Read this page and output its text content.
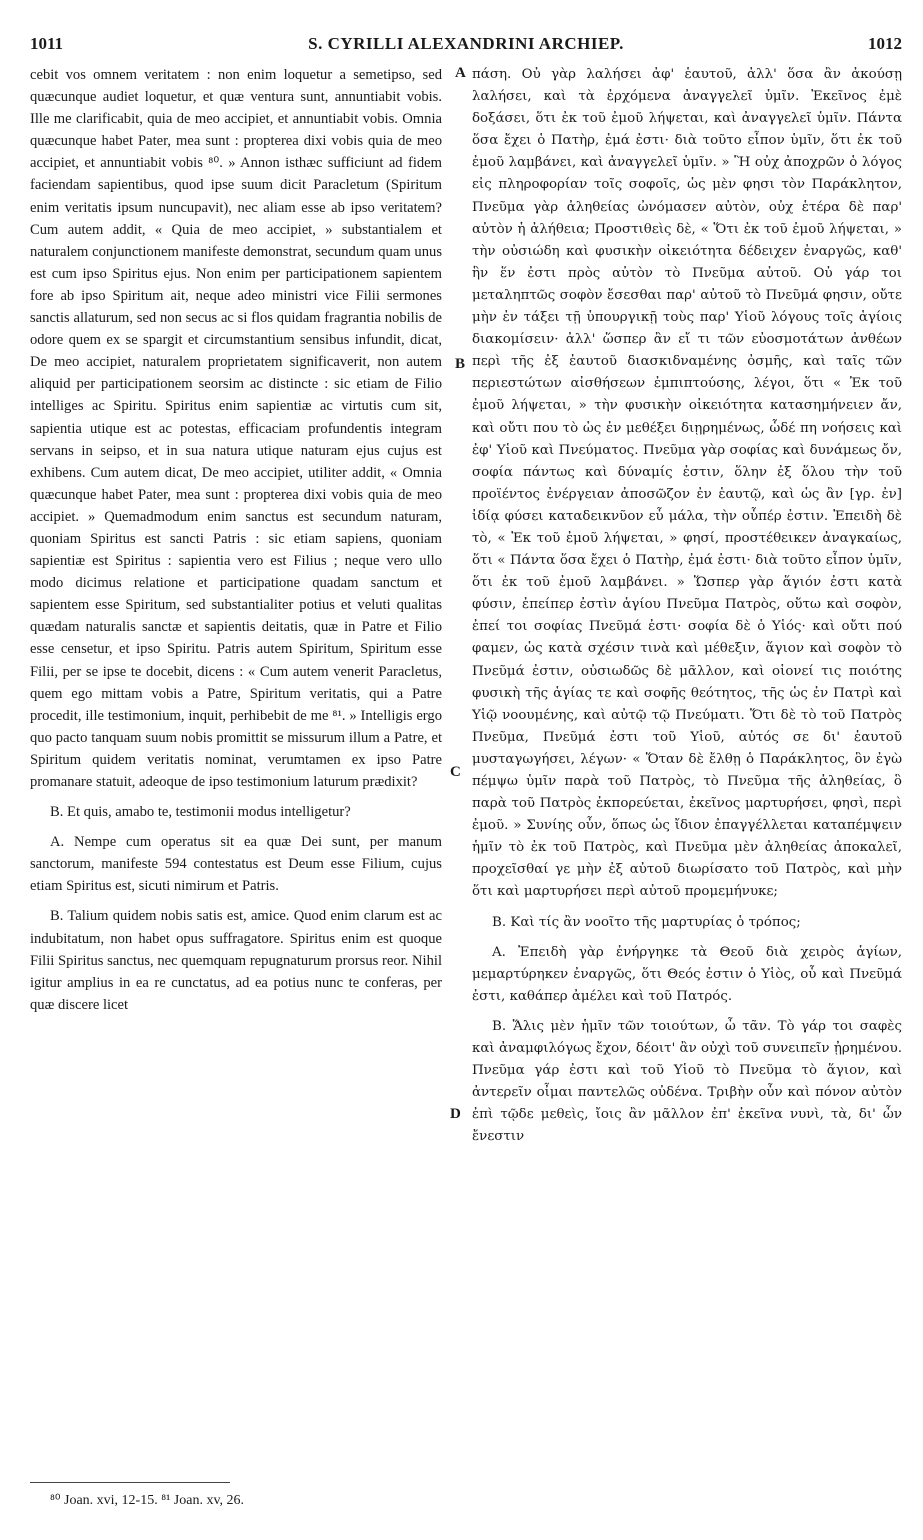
1011	S. CYRILLI ALEXANDRINI ARCHIEP.	1012

cebit vos omnem veritatem : non enim loquetur a semetipso, sed quæcunque audiet loquetur, et quæ ventura sunt, annuntiabit vobis. Ille me clarificabit, quia de meo accipiet, et annuntiabit vobis. Omnia quæcunque habet Pater, mea sunt : propterea dixi vobis quia de meo accipiet, et annuntiabit vobis ⁸⁰. » Annon isthæc sufficiunt ad fidem faciendam sapientibus, quod ipse suum dicit Paracletum (Spiritum enim veritatis ipsum nuncupavit), nec aliam esse ab ipso veritatem? Cum autem addit, « Quia de meo accipiet, » substantialem et naturalem conjunctionem manifeste demonstrat, secundum quam unus est cum ipso Spiritus ejus. Non enim per participationem sapientem fore ab ipso Spiritum ait, neque adeo ministri vice Filii sermones sanctis allaturum, sed non secus ac si flos quidam fragrantia nobilis de odore quem ex se spargit et circumstantium sensibus infundit, dicat, De meo accipiet, naturalem proprietatem significaverit, non autem aliquid per participationem seorsim ac distincte : sic etiam de Filio intelliges ac Spiritu. Spiritus enim sapientiæ ac virtutis cum sit, sapientia utique est ac potestas, efficaciam profundentis integram servans in seipso, et in sua natura utique naturam ejus cujus est exhibens. Cum autem dicat, De meo accipiet, utiliter addit, « Omnia quæcunque habet Pater, mea sunt : propterea dixi vobis quia de meo accipiet. » Quemadmodum enim sanctus est secundum naturam, quoniam Spiritus est sancti Patris : sic etiam sapiens, quoniam sapientiæ est Spiritus : sapientia vero est Filius ; neque vero ullo modo dicimus relatione et participatione quadam sanctum et sapientem esse Spiritum, sed substantialiter potius et veluti qualitas quædam naturalis sanctæ et sapientis deitatis, quæ in Patre et Filio esse censetur, et ipso Spiritu. Patris autem Spiritum, Spiritum esse Filii, per se ipse te docebit, dicens : « Cum autem venerit Paracletus, quem ego mittam vobis a Patre, Spiritum veritatis, qui a Patre procedit, ille testimonium, inquit, perhibebit de me ⁸¹. » Intelligis ergo quo pacto tanquam suum nobis promittit se missurum illum a Patre, et Spiritum quidem veritatis nominat, verumtamen ex ipso Patre promanare statuit, adeoque de ipso testimonium laturum prædixit?

B. Et quis, amabo te, testimonii modus intelligetur?

A. Nempe cum operatus sit ea quæ Dei sunt, per manum sanctorum, manifeste 594 contestatus est Deum esse Filium, cujus etiam Spiritus est, sicuti nimirum et Patris.

B. Talium quidem nobis satis est, amice. Quod enim clarum est ac indubitatum, non habet opus suffragatore. Spiritus enim est quoque Filii Spiritus sanctus, nec quemquam repugnaturum prorsus reor. Nihil igitur amplius in ea re cunctatus, ad ea potius nunc te conferas, per quæ discere licet

A
B
C
D

πάση. Οὐ γὰρ λαλήσει ἀφ' ἑαυτοῦ, ἀλλ' ὅσα ἂν ἀκούσῃ λαλήσει, καὶ τὰ ἐρχόμενα ἀναγγελεῖ ὑμῖν. Ἐκεῖνος ἐμὲ δοξάσει, ὅτι ἐκ τοῦ ἐμοῦ λήψεται, καὶ ἀναγγελεῖ ὑμῖν. Πάντα ὅσα ἔχει ὁ Πατὴρ, ἐμά ἐστι· διὰ τοῦτο εἶπον ὑμῖν, ὅτι ἐκ τοῦ ἐμοῦ λαμβάνει, καὶ ἀναγγελεῖ ὑμῖν. » Ἢ οὐχ ἀποχρῶν ὁ λόγος εἰς πληροφορίαν τοῖς σοφοῖς, ὡς μὲν φησι τὸν Παράκλητον, Πνεῦμα γὰρ ἀληθείας ὠνόμασεν αὐτὸν, οὐχ ἑτέρα δὲ παρ' αὐτὸν ἡ ἀλήθεια; Προστιθεὶς δὲ, « Ὅτι ἐκ τοῦ ἐμοῦ λήψεται, » τὴν οὐσιώδη καὶ φυσικὴν οἰκειότητα δέδειχεν ἐναργῶς, καθ' ἣν ἕν ἐστι πρὸς αὐτὸν τὸ Πνεῦμα αὐτοῦ. Οὐ γάρ τοι μεταληπτῶς σοφὸν ἔσεσθαι παρ' αὐτοῦ τὸ Πνεῦμά φησιν, οὔτε μὴν ἐν τάξει τῇ ὑπουργικῇ τοὺς παρ' Υἱοῦ λόγους τοῖς ἁγίοις διακομίσειν· ἀλλ' ὥσπερ ἂν εἴ τι τῶν εὐοσμοτάτων ἀνθέων περὶ τῆς ἐξ ἑαυτοῦ διασκιδναμένης ὀσμῆς, καὶ ταῖς τῶν περιεστώτων αἰσθήσεων ἐμπιπτούσης, λέγοι, ὅτι « Ἐκ τοῦ ἐμοῦ λήψεται, » τὴν φυσικὴν οἰκειότητα κατασημήνειεν ἄν, καὶ οὔτι που τὸ ὡς ἐν μεθέξει διῃρημένως, ὧδέ πη νοήσεις καὶ ἐφ' Υἱοῦ καὶ Πνεύματος. Πνεῦμα γὰρ σοφίας καὶ δυνάμεως ὄν, σοφία πάντως καὶ δύναμίς ἐστιν, ὅλην ἐξ ὅλου τὴν τοῦ προϊέντος ἐνέργειαν ἀποσῶζον ἐν ἑαυτῷ, καὶ ὡς ἂν [γρ. ἐν] ἰδίᾳ φύσει καταδεικνῦον εὖ μάλα, τὴν οὗπέρ ἐστιν. Ἐπειδὴ δὲ τὸ, « Ἐκ τοῦ ἐμοῦ λήψεται, » φησί, προστέθεικεν ἀναγκαίως, ὅτι « Πάντα ὅσα ἔχει ὁ Πατὴρ, ἐμά ἐστι· διὰ τοῦτο εἶπον ὑμῖν, ὅτι ἐκ τοῦ ἐμοῦ λαμβάνει. » Ὥσπερ γὰρ ἅγιόν ἐστι κατὰ φύσιν, ἐπείπερ ἐστὶν ἁγίου Πνεῦμα Πατρὸς, οὕτω καὶ σοφὸν, ἐπεί τοι σοφίας Πνεῦμά ἐστι· σοφία δὲ ὁ Υἱός· καὶ οὔτι πού φαμεν, ὡς κατὰ σχέσιν τινὰ καὶ μέθεξιν, ἅγιον καὶ σοφὸν τὸ Πνεῦμά ἐστιν, οὐσιωδῶς δὲ μᾶλλον, καὶ οἱονεί τις ποιότης φυσικὴ τῆς ἁγίας τε καὶ σοφῆς θεότητος, τῆς ὡς ἐν Πατρὶ καὶ Υἱῷ νοουμένης, καὶ αὐτῷ τῷ Πνεύματι. Ὅτι δὲ τὸ τοῦ Πατρὸς Πνεῦμα, Πνεῦμά ἐστι τοῦ Υἱοῦ, αὐτός σε δι' ἑαυτοῦ μυσταγωγήσει, λέγων· « Ὅταν δὲ ἔλθῃ ὁ Παράκλητος, ὃν ἐγὼ πέμψω ὑμῖν παρὰ τοῦ Πατρὸς, τὸ Πνεῦμα τῆς ἀληθείας, ὃ παρὰ τοῦ Πατρὸς ἐκπορεύεται, ἐκεῖνος μαρτυρήσει, φησὶ, περὶ ἐμοῦ. » Συνίης οὖν, ὅπως ὡς ἴδιον ἐπαγγέλλεται καταπέμψειν ἡμῖν τὸ ἐκ τοῦ Πατρὸς, καὶ Πνεῦμα μὲν ἀληθείας ἀποκαλεῖ, προχεῖσθαί γε μὴν ἐξ αὐτοῦ διωρίσατο τοῦ Πατρὸς, καὶ μὴν ὅτι καὶ μαρτυρήσει περὶ αὐτοῦ προμεμήνυκε;

Β. Καὶ τίς ἂν νοοῖτο τῆς μαρτυρίας ὁ τρόπος;

Α. Ἐπειδὴ γὰρ ἐνήργηκε τὰ Θεοῦ διὰ χειρὸς ἁγίων, μεμαρτύρηκεν ἐναργῶς, ὅτι Θεός ἐστιν ὁ Υἱὸς, οὗ καὶ Πνεῦμά ἐστι, καθάπερ ἀμέλει καὶ τοῦ Πατρός.

Β. Ἅλις μὲν ἡμῖν τῶν τοιούτων, ὦ τᾶν. Τὸ γάρ τοι σαφὲς καὶ ἀναμφιλόγως ἔχον, δέοιτ' ἂν οὐχὶ τοῦ συνειπεῖν ᾐρημένου. Πνεῦμα γάρ ἐστι καὶ τοῦ Υἱοῦ τὸ Πνεῦμα τὸ ἅγιον, καὶ ἀντερεῖν οἶμαι παντελῶς οὐδένα. Τριβὴν οὖν καὶ πόνον αὐτὸν ἐπὶ τῷδε μεθεὶς, ἴοις ἂν μᾶλλον ἐπ' ἐκεῖνα νυνὶ, τὰ, δι' ὧν ἔνεστιν

⁸⁰ Joan. xvi, 12-15. ⁸¹ Joan. xv, 26.
